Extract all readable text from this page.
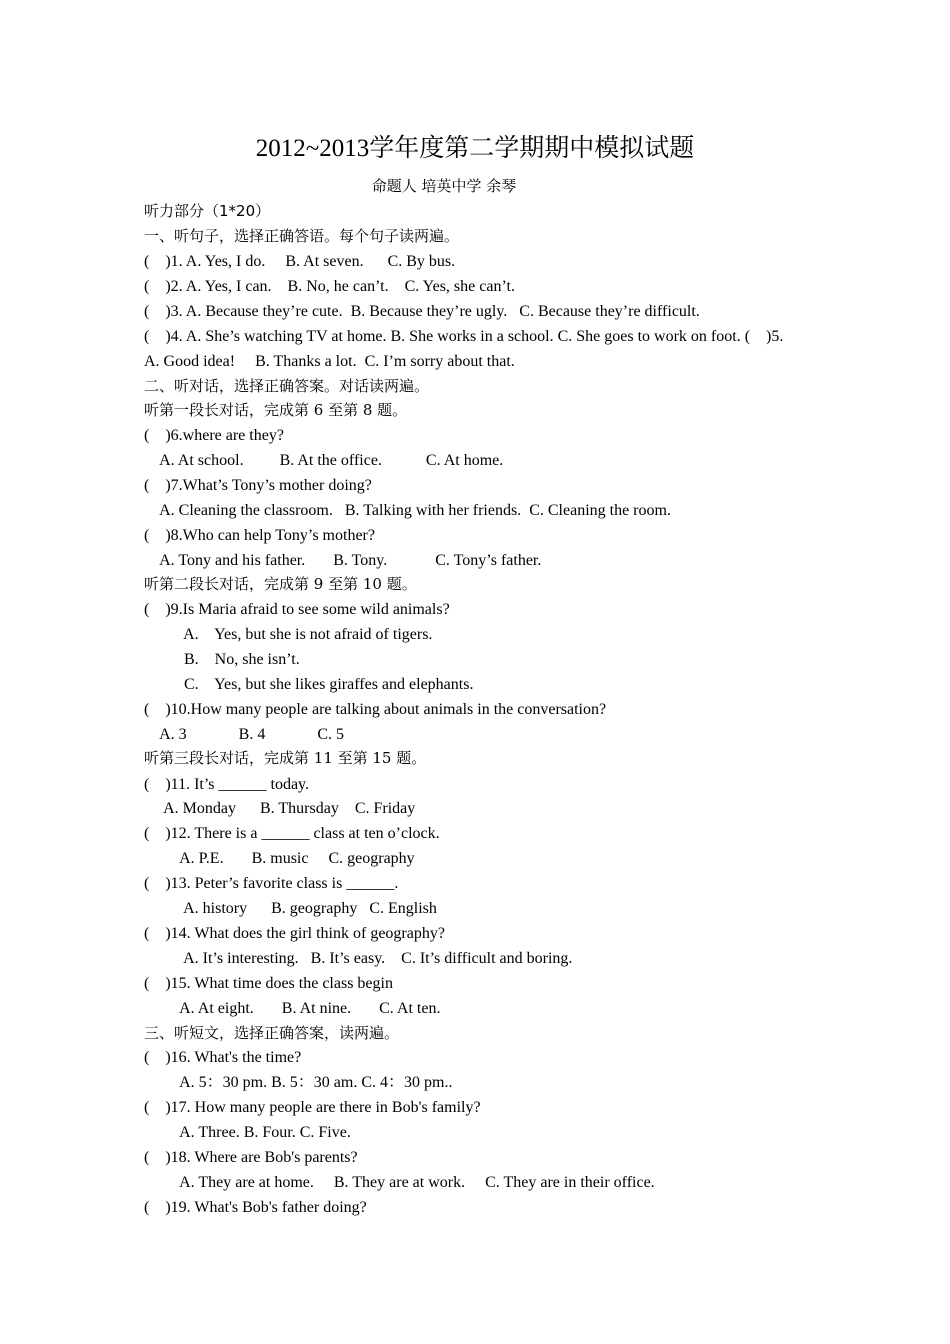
2012~2013学年度第二学期期中模拟试题
命题人 培英中学 余琴
听力部分（1*20）
一、听句子，选择正确答语。每个句子读两遍。
(    )1. A. Yes, I do.     B. At seven.      C. By bus.
(    )2. A. Yes, I can.    B. No, he can’t.    C. Yes, she can’t.
(    )3. A. Because they’re cute.  B. Because they’re ugly.   C. Because they’re difficult.
(    )4. A. She’s watching TV at home. B. She works in a school. C. She goes to work on foot. (    )5.
A. Good idea!     B. Thanks a lot.  C. I’m sorry about that.
二、听对话，选择正确答案。对话读两遍。
听第一段长对话，完成第 6 至第 8 题。
(    )6.where are they?
A. At school.         B. At the office.           C. At home.
(    )7.What’s Tony’s mother doing?
A. Cleaning the classroom.   B. Talking with her friends.  C. Cleaning the room.
(    )8.Who can help Tony’s mother?
A. Tony and his father.       B. Tony.            C. Tony’s father.
听第二段长对话，完成第 9 至第 10 题。
(    )9.Is Maria afraid to see some wild animals?
A.    Yes, but she is not afraid of tigers.
B.    No, she isn’t.
C.    Yes, but she likes giraffes and elephants.
(    )10.How many people are talking about animals in the conversation?
A. 3             B. 4             C. 5
听第三段长对话，完成第 11 至第 15 题。
(    )11. It’s ______ today.
A. Monday      B. Thursday    C. Friday
(    )12. There is a ______ class at ten o’clock.
A. P.E.       B. music     C. geography
(    )13. Peter’s favorite class is ______.
A. history      B. geography   C. English
(    )14. What does the girl think of geography?
A. It’s interesting.   B. It’s easy.    C. It’s difficult and boring.
(    )15. What time does the class begin
A. At eight.       B. At nine.       C. At ten.
三、听短文，选择正确答案，读两遍。
(    )16. What's the time?
A. 5：30 pm. B. 5：30 am. C. 4：30 pm..
(    )17. How many people are there in Bob's family?
A. Three. B. Four. C. Five.
(    )18. Where are Bob's parents?
A. They are at home.     B. They are at work.     C. They are in their office.
(    )19. What's Bob's father doing?
